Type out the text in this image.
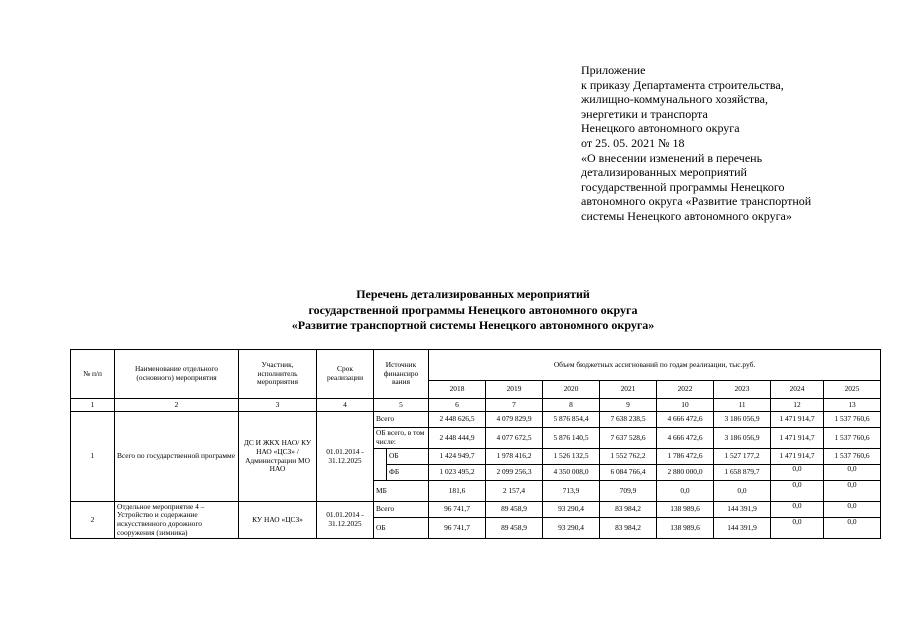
Приложение
к приказу Департамента строительства,
жилищно-коммунального хозяйства,
энергетики и транспорта
Ненецкого автономного округа
от 25. 05. 2021 № 18
«О внесении изменений в перечень
детализированных мероприятий
государственной программы Ненецкого
автономного округа «Развитие транспортной
системы Ненецкого автономного округа»
Перечень детализированных мероприятий
государственной программы Ненецкого автономного округа
«Развитие транспортной системы Ненецкого автономного округа»
№ п/п	Наименование отдельного (основного) мероприятия	Участник, исполнитель мероприятия	Срок реализации	Источник финансиро вания		Объем бюджетных ассигнований по годам реализации, тыс.руб.							
						2018	2019	2020	2021	2022	2023	2024	2025
1	2	3	4	5		6	7	8	9	10	11	12	13
1	Всего по государственной программе	ДС И ЖКХ НАО/ КУ НАО «ЦСЗ» / Администрации МО НАО	01.01.2014 - 31.12.2025	Всего		2 448 626,5	4 079 829,9	5 876 854,4	7 638 238,5	4 666 472,6	3 186 056,9	1 471 914,7	1 537 760,6
				ОБ всего, в том числе:		2 448 444,9	4 077 672,5	5 876 140,5	7 637 528,6	4 666 472,6	3 186 056,9	1 471 914,7	1 537 760,6
					ОБ	1 424 949,7	1 978 416,2	1 526 132,5	1 552 762,2	1 786 472,6	1 527 177,2	1 471 914,7	1 537 760,6
					ФБ	1 023 495,2	2 099 256,3	4 350 008,0	6 084 766,4	2 880 000,0	1 658 879,7	0,0	0,0
				МБ		181,6	2 157,4	713,9	709,9	0,0	0,0	0,0	0,0
2	Отдельное мероприятие 4 – Устройство и содержание искусственного дорожного сооружения (зимника)	КУ НАО «ЦСЗ»	01.01.2014 - 31.12.2025	Всего		96 741,7	89 458,9	93 290,4	83 984,2	138 989,6	144 391,9	0,0	0,0
				ОБ		96 741,7	89 458,9	93 290,4	83 984,2	138 989,6	144 391,9	0,0	0,0
